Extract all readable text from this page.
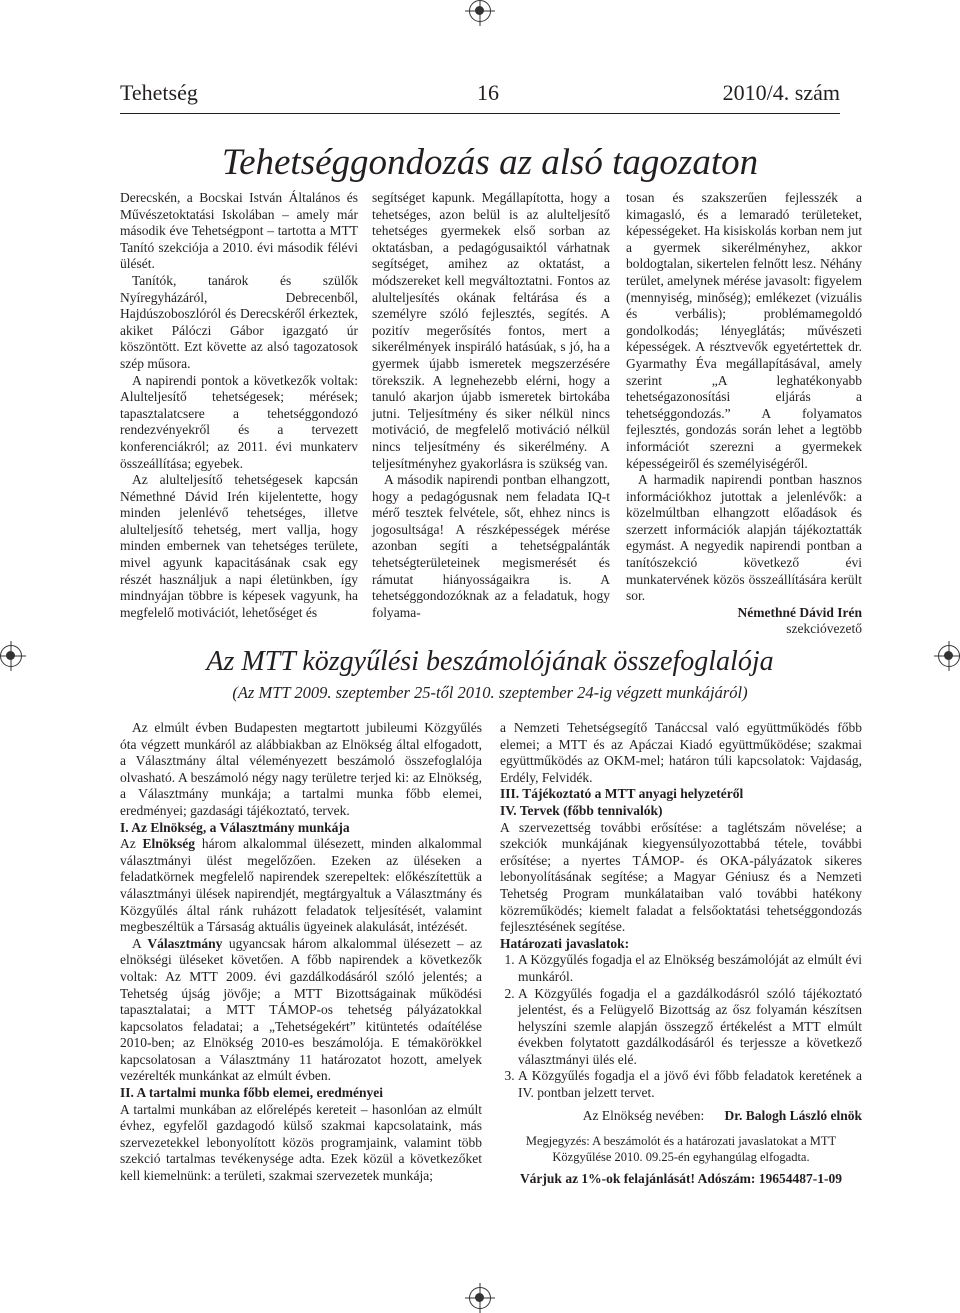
Tehetség	16	2010/4. szám
Tehetséggondozás az alsó tagozaton

Derecskén, a Bocskai István Általános és Művészetoktatási Iskolában – amely már második éve Tehetségpont – tartotta a MTT Tanító szekciója a 2010. évi második félévi ülését.

Tanítók, tanárok és szülők Nyíregyházáról, Debrecenből, Hajdúszoboszlóról és Derecskéről érkeztek, akiket Pálóczi Gábor igazgató úr köszöntött. Ezt követte az alsó tagozatosok szép műsora.

A napirendi pontok a következők voltak: Alulteljesítő tehetségesek; mérések; tapasztalatcsere a tehetséggondozó rendezvényekről és a tervezett konferenciákról; az 2011. évi munkaterv összeállítása; egyebek.

Az alulteljesítő tehetségesek kapcsán Némethné Dávid Irén kijelentette, hogy minden jelenlévő tehetséges, illetve alulteljesítő tehetség, mert vallja, hogy minden embernek van tehetséges területe, mivel agyunk kapacitásának csak egy részét használjuk a napi életünkben, így mindnyájan többre is képesek vagyunk, ha megfelelő motivációt, lehetőséget és

segítséget kapunk. Megállapította, hogy a tehetséges, azon belül is az alulteljesítő tehetséges gyermekek első sorban az oktatásban, a pedagógusaiktól várhatnak segítséget, amihez az oktatást, a módszereket kell megváltoztatni. Fontos az alulteljesítés okának feltárása és a személyre szóló fejlesztés, segítés. A pozitív megerősítés fontos, mert a sikerélmények inspiráló hatásúak, s jó, ha a gyermek újabb ismeretek megszerzésére törekszik. A legnehezebb elérni, hogy a tanuló akarjon újabb ismeretek birtokába jutni. Teljesítmény és siker nélkül nincs motiváció, de megfelelő motiváció nélkül nincs teljesítmény és sikerélmény. A teljesítményhez gyakorlásra is szükség van.

A második napirendi pontban elhangzott, hogy a pedagógusnak nem feladata IQ-t mérő tesztek felvétele, sőt, ehhez nincs is jogosultsága! A részképességek mérése azonban segíti a tehetségpalánták tehetségterületeinek megismerését és rámutat hiányosságaikra is. A tehetséggondozóknak az a feladatuk, hogy folyama-

tosan és szakszerűen fejlesszék a kimagasló, és a lemaradó területeket, képességeket. Ha kisiskolás korban nem jut a gyermek sikerélményhez, akkor boldogtalan, sikertelen felnőtt lesz. Néhány terület, amelynek mérése javasolt: figyelem (mennyiség, minőség); emlékezet (vizuális és verbális); problémamegoldó gondolkodás; lényeglátás; művészeti képességek. A résztvevők egyetértettek dr. Gyarmathy Éva megállapításával, amely szerint „A leghatékonyabb tehetségazonosítási eljárás a tehetséggondozás.” A folyamatos fejlesztés, gondozás során lehet a legtöbb információt szerezni a gyermekek képességeiről és személyiségéről.

A harmadik napirendi pontban hasznos információkhoz jutottak a jelenlévők: a közelmúltban elhangzott előadások és szerzett információk alapján tájékoztatták egymást. A negyedik napirendi pontban a tanítószekció következő évi munkatervének közös összeállítására került sor.

Némethné Dávid Irén

szekcióvezető

Az MTT közgyűlési beszámolójának összefoglalója
(Az MTT 2009. szeptember 25-től 2010. szeptember 24-ig végzett munkájáról)

Az elmúlt évben Budapesten megtartott jubileumi Közgyűlés óta végzett munkáról az alábbiakban az Elnökség által elfogadott, a Választmány által véleményezett beszámoló összefoglalója olvasható. A beszámoló négy nagy területre terjed ki: az Elnökség, a Választmány munkája; a tartalmi munka főbb elemei, eredményei; gazdasági tájékoztató, tervek.

I. Az Elnökség, a Választmány munkája

Az Elnökség három alkalommal ülésezett, minden alkalommal választmányi ülést megelőzően. Ezeken az üléseken a feladatkörnek megfelelő napirendek szerepeltek: előkészítettük a választmányi ülések napirendjét, megtárgyaltuk a Választmány és Közgyűlés által ránk ruházott feladatok teljesítését, valamint megbeszéltük a Társaság aktuális ügyeinek alakulását, intézését.

A Választmány ugyancsak három alkalommal ülésezett – az elnökségi üléseket követően. A főbb napirendek a következők voltak: Az MTT 2009. évi gazdálkodásáról szóló jelentés; a Tehetség újság jövője; a MTT Bizottságainak működési tapasztalatai; a MTT TÁMOP-os tehetség pályázatokkal kapcsolatos feladatai; a „Tehetségekért” kitüntetés odaítélése 2010-ben; az Elnökség 2010-es beszámolója. E témakörökkel kapcsolatosan a Választmány 11 határozatot hozott, amelyek vezérelték munkánkat az elmúlt évben.

II. A tartalmi munka főbb elemei, eredményei

A tartalmi munkában az előrelépés kereteit – hasonlóan az elmúlt évhez, egyfelől gazdagodó külső szakmai kapcsolataink, más szervezetekkel lebonyolított közös programjaink, valamint több szekció tartalmas tevékenysége adta. Ezek közül a következőket kell kiemelnünk: a területi, szakmai szervezetek munkája;

a Nemzeti Tehetségsegítő Tanáccsal való együttműködés főbb elemei; a MTT és az Apáczai Kiadó együttműködése; szakmai együttműködés az OKM-mel; határon túli kapcsolatok: Vajdaság, Erdély, Felvidék.

III. Tájékoztató a MTT anyagi helyzetéről

IV. Tervek (főbb tennivalók)

A szervezettség további erősítése: a taglétszám növelése; a szekciók munkájának kiegyensúlyozottabbá tétele, további erősítése; a nyertes TÁMOP- és OKA-pályázatok sikeres lebonyolításának segítése; a Magyar Géniusz és a Nemzeti Tehetség Program munkálataiban való további hatékony közreműködés; kiemelt faladat a felsőoktatási tehetséggondozás fejlesztésének segítése.

Határozati javaslatok:

1. A Közgyűlés fogadja el az Elnökség beszámolóját az elmúlt évi munkáról.
2. A Közgyűlés fogadja el a gazdálkodásról szóló tájékoztató jelentést, és a Felügyelő Bizottság az ősz folyamán készítsen helyszíni szemle alapján összegző értékelést a MTT elmúlt években folytatott gazdálkodásáról és terjessze a következő választmányi ülés elé.
3. A Közgyűlés fogadja el a jövő évi főbb feladatok keretének a IV. pontban jelzett tervet.

Az Elnökség nevében: Dr. Balogh László elnök

Megjegyzés: A beszámolót és a határozati javaslatokat a MTT Közgyűlése 2010. 09.25-én egyhangúlag elfogadta.

Várjuk az 1%-ok felajánlását! Adószám: 19654487-1-09
